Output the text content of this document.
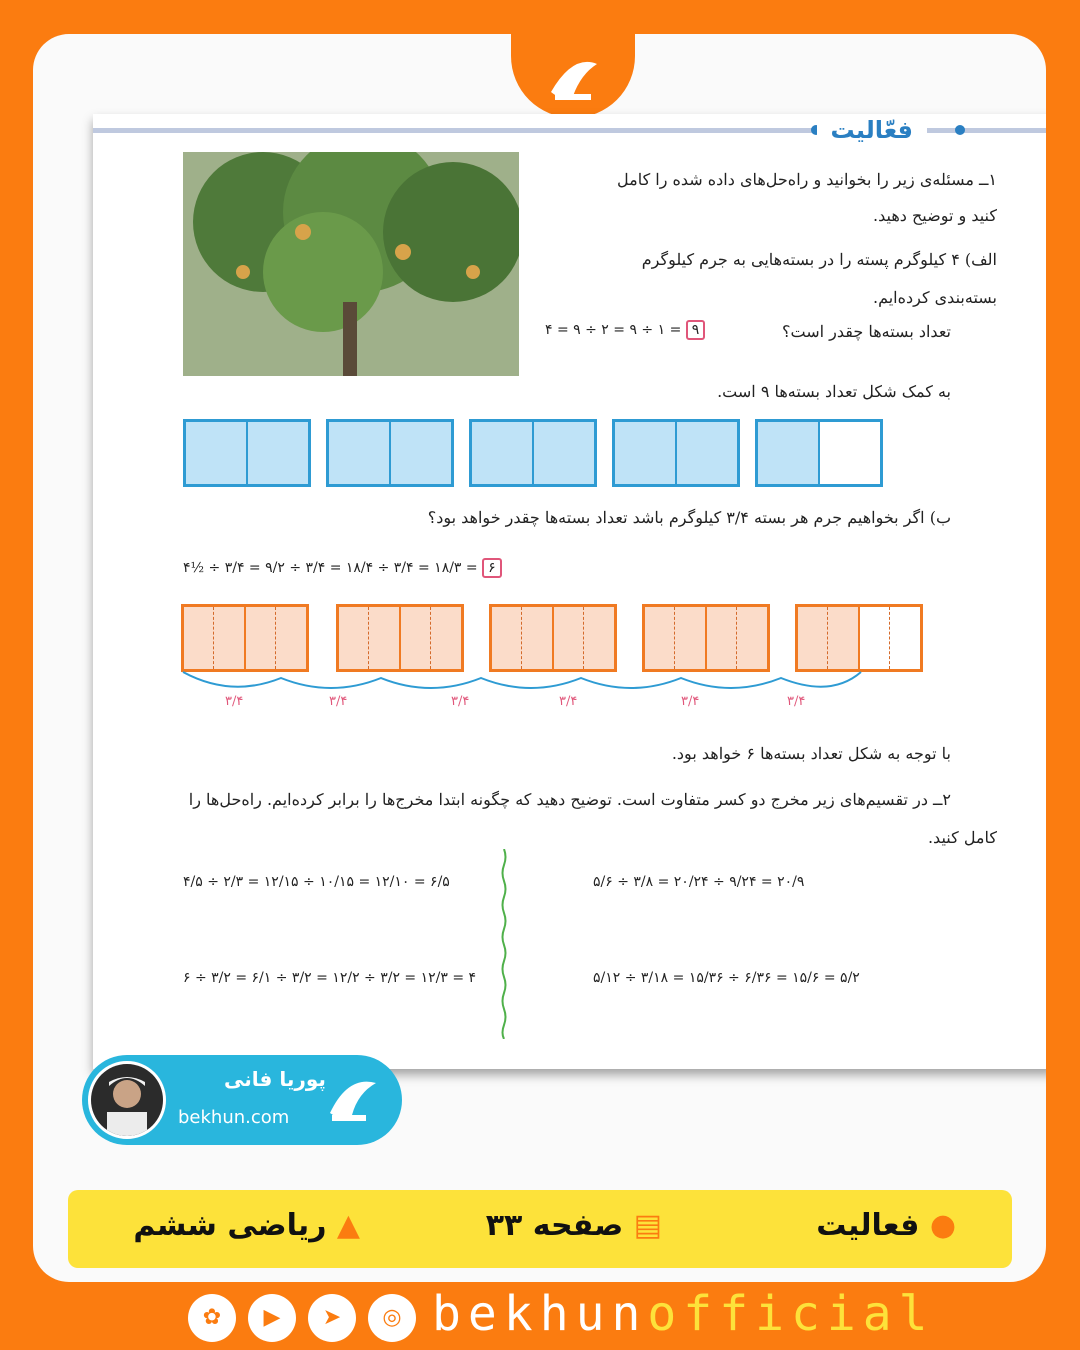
فعّالیت
۱ــ مسئله‌ی زیر را بخوانید و راه‌حل‌های داده شده را کامل
کنید و توضیح دهید.
الف) ۴ کیلوگرم پسته را در بسته‌هایی به جرم کیلوگرم
بسته‌بندی کرده‌ایم.
تعداد بسته‌ها چقدر است؟
۴ = ۹ ÷ ۲ = ۹ ÷ ۱ = ۹
به کمک شکل تعداد بسته‌ها ۹ است.
ب) اگر بخواهیم جرم هر بسته ۳/۴ کیلوگرم باشد تعداد بسته‌ها چقدر خواهد بود؟
۴½ ÷ ۳/۴ = ۹/۲ ÷ ۳/۴ = ۱۸/۴ ÷ ۳/۴ = ۱۸/۳ = ۶
۳/۴	۳/۴	۳/۴	۳/۴	۳/۴	۳/۴
با توجه به شکل تعداد بسته‌ها ۶ خواهد بود.
۲ــ در تقسیم‌های زیر مخرج دو کسر متفاوت است. توضیح دهید که چگونه ابتدا مخرج‌ها را برابر کرده‌ایم. راه‌حل‌ها را
کامل کنید.
۴/۵ ÷ ۲/۳ = ۱۲/۱۵ ÷ ۱۰/۱۵ = ۱۲/۱۰ = ۶/۵	۵/۶ ÷ ۳/۸ = ۲۰/۲۴ ÷ ۹/۲۴ = ۲۰/۹
۶ ÷ ۳/۲ = ۶/۱ ÷ ۳/۲ = ۱۲/۲ ÷ ۳/۲ = ۱۲/۳ = ۴	۵/۱۲ ÷ ۳/۱۸ = ۱۵/۳۶ ÷ ۶/۳۶ = ۱۵/۶ = ۵/۲
پوریا فانی
bekhun.com
● فعالیت
▤ صفحه ۳۳
▲ ریاضی ششم
✿	▶	➤	◎ bekhunofficial
